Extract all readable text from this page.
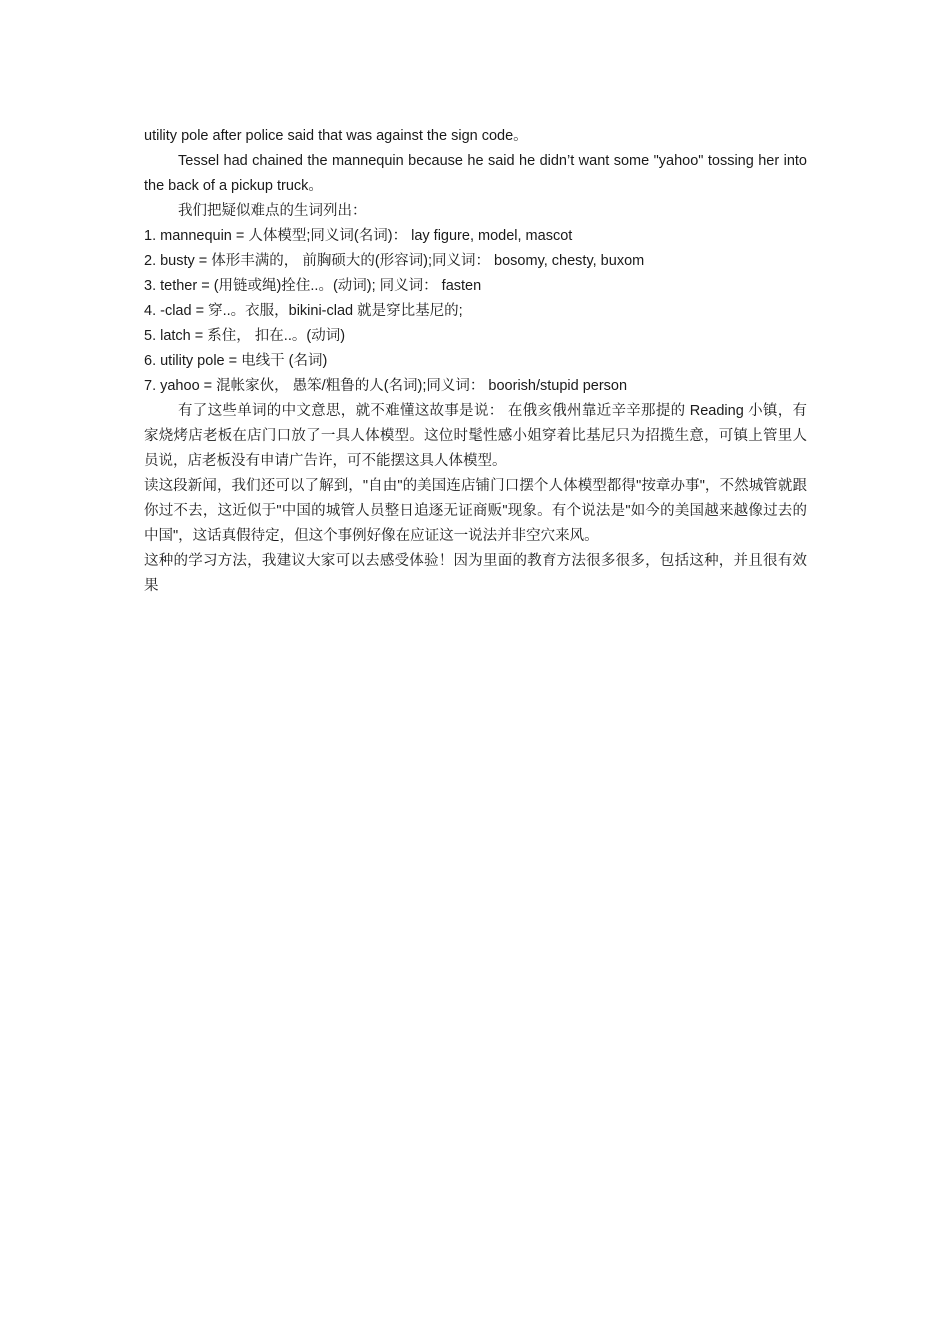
utility pole after police said that was against the sign code。

Tessel had chained the mannequin because he said he didn’t want some "yahoo" tossing her into the back of a pickup truck。

我们把疑似难点的生词列出：

1. mannequin = 人体模型;同义词(名词)： lay figure, model, mascot

2. busty = 体形丰满的， 前胸硕大的(形容词);同义词： bosomy, chesty, buxom

3. tether = (用链或绳)拴住..。(动词); 同义词： fasten

4. -clad = 穿..。衣服，bikini-clad 就是穿比基尼的;

5. latch = 系住， 扣在..。(动词)

6. utility pole = 电线干 (名词)

7. yahoo = 混帐家伙， 愚笨/粗鲁的人(名词);同义词： boorish/stupid person

有了这些单词的中文意思，就不难懂这故事是说： 在俄亥俄州靠近辛辛那提的 Reading 小镇，有家烧烤店老板在店门口放了一具人体模型。这位时髦性感小姐穿着比基尼只为招揽生意，可镇上管里人员说，店老板没有申请广告许，可不能摆这具人体模型。

读这段新闻，我们还可以了解到，"自由"的美国连店铺门口摆个人体模型都得"按章办事"，不然城管就跟你过不去，这近似于"中国的城管人员整日追逐无证商贩"现象。有个说法是"如今的美国越来越像过去的中国"，这话真假待定，但这个事例好像在应证这一说法并非空穴来风。

这种的学习方法，我建议大家可以去感受体验！因为里面的教育方法很多很多，包括这种，并且很有效果
